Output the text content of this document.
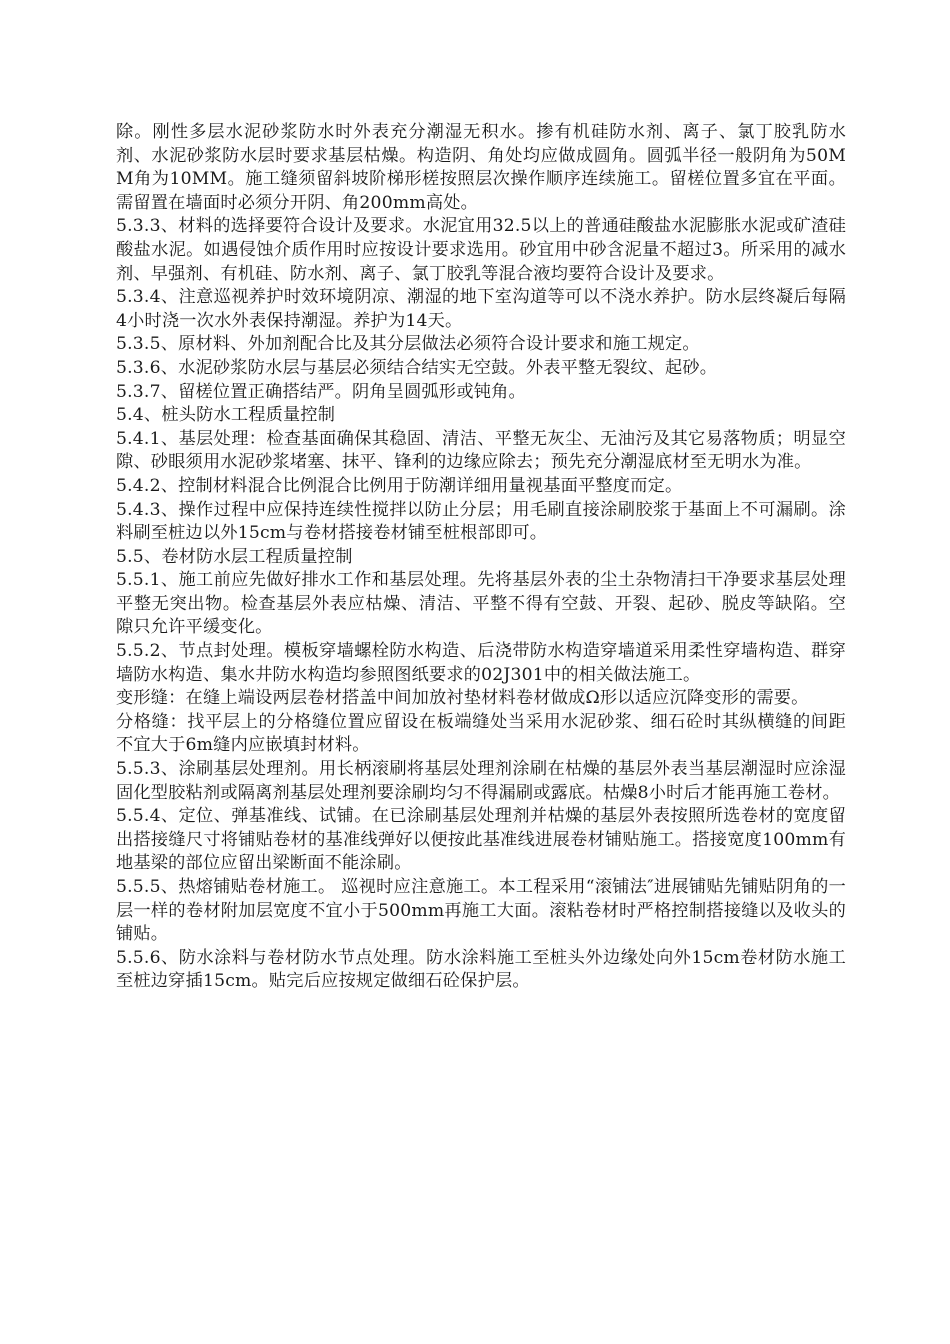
除。刚性多层水泥砂浆防水时外表充分潮湿无积水。掺有机硅防水剂、离子、氯丁胶乳防水剂、水泥砂浆防水层时要求基层枯燥。构造阴、角处均应做成圆角。圆弧半径一般阴角为50MM角为10MM。施工缝须留斜坡阶梯形槎按照层次操作顺序连续施工。留槎位置多宜在平面。需留置在墙面时必须分开阴、角200mm高处。

5.3.3、材料的选择要符合设计及要求。水泥宜用32.5以上的普通硅酸盐水泥膨胀水泥或矿渣硅酸盐水泥。如遇侵蚀介质作用时应按设计要求选用。砂宜用中砂含泥量不超过3。所采用的减水剂、早强剂、有机硅、防水剂、离子、氯丁胶乳等混合液均要符合设计及要求。

5.3.4、注意巡视养护时效环境阴凉、潮湿的地下室沟道等可以不浇水养护。防水层终凝后每隔4小时浇一次水外表保持潮湿。养护为14天。

5.3.5、原材料、外加剂配合比及其分层做法必须符合设计要求和施工规定。

5.3.6、水泥砂浆防水层与基层必须结合结实无空鼓。外表平整无裂纹、起砂。

5.3.7、留槎位置正确搭结严。阴角呈圆弧形或钝角。

5.4、桩头防水工程质量控制

5.4.1、基层处理：检查基面确保其稳固、清洁、平整无灰尘、无油污及其它易落物质；明显空隙、砂眼须用水泥砂浆堵塞、抹平、锋利的边缘应除去；预先充分潮湿底材至无明水为准。

5.4.2、控制材料混合比例混合比例用于防潮详细用量视基面平整度而定。

5.4.3、操作过程中应保持连续性搅拌以防止分层；用毛刷直接涂刷胶浆于基面上不可漏刷。涂料刷至桩边以外15cm与卷材搭接卷材铺至桩根部即可。

5.5、卷材防水层工程质量控制

5.5.1、施工前应先做好排水工作和基层处理。先将基层外表的尘土杂物清扫干净要求基层处理平整无突出物。检查基层外表应枯燥、清洁、平整不得有空鼓、开裂、起砂、脱皮等缺陷。空隙只允许平缓变化。

5.5.2、节点封处理。模板穿墙螺栓防水构造、后浇带防水构造穿墙道采用柔性穿墙构造、群穿墙防水构造、集水井防水构造均参照图纸要求的02J301中的相关做法施工。

变形缝：在缝上端设两层卷材搭盖中间加放衬垫材料卷材做成Ω形以适应沉降变形的需要。

分格缝：找平层上的分格缝位置应留设在板端缝处当采用水泥砂浆、细石砼时其纵横缝的间距不宜大于6m缝内应嵌填封材料。

5.5.3、涂刷基层处理剂。用长柄滚刷将基层处理剂涂刷在枯燥的基层外表当基层潮湿时应涂湿固化型胶粘剂或隔离剂基层处理剂要涂刷均匀不得漏刷或露底。枯燥8小时后才能再施工卷材。

5.5.4、定位、弹基准线、试铺。在已涂刷基层处理剂并枯燥的基层外表按照所选卷材的宽度留出搭接缝尺寸将铺贴卷材的基准线弹好以便按此基准线进展卷材铺贴施工。搭接宽度100mm有地基梁的部位应留出梁断面不能涂刷。

5.5.5、热熔铺贴卷材施工。 巡视时应注意施工。本工程采用“滚铺法″进展铺贴先铺贴阴角的一层一样的卷材附加层宽度不宜小于500mm再施工大面。滚粘卷材时严格控制搭接缝以及收头的铺贴。

5.5.6、防水涂料与卷材防水节点处理。防水涂料施工至桩头外边缘处向外15cm卷材防水施工至桩边穿插15cm。贴完后应按规定做细石砼保护层。
